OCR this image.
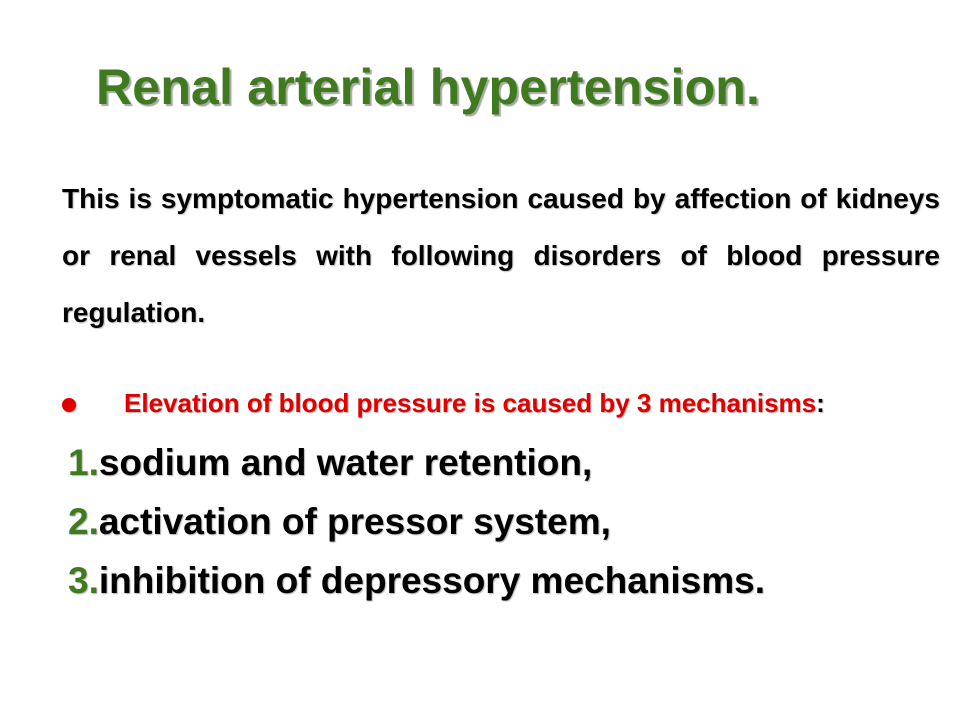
Renal arterial hypertension.
This is symptomatic hypertension caused by affection of kidneys or renal vessels with following disorders of blood pressure regulation.
Elevation of blood pressure is caused by 3 mechanisms:
1.sodium and water retention,
2.activation of pressor system,
3.inhibition of depressory mechanisms.
